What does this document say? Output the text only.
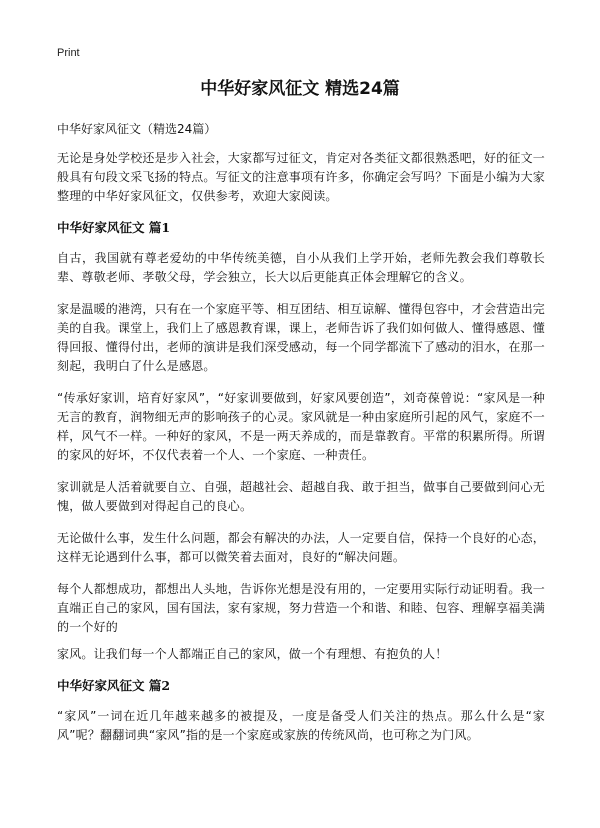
Print
中华好家风征文 精选24篇
中华好家风征文（精选24篇）

无论是身处学校还是步入社会，大家都写过征文，肯定对各类征文都很熟悉吧，好的征文一般具有句段文采飞扬的特点。写征文的注意事项有许多，你确定会写吗？下面是小编为大家整理的中华好家风征文，仅供参考，欢迎大家阅读。

中华好家风征文 篇1

自古，我国就有尊老爱幼的中华传统美德，自小从我们上学开始，老师先教会我们尊敬长辈、尊敬老师、孝敬父母，学会独立，长大以后更能真正体会理解它的含义。

家是温暖的港湾，只有在一个家庭平等、相互团结、相互谅解、懂得包容中，才会营造出完美的自我。课堂上，我们上了感恩教育课，课上，老师告诉了我们如何做人、懂得感恩、懂得回报、懂得付出，老师的演讲是我们深受感动，每一个同学都流下了感动的泪水，在那一刻起，我明白了什么是感恩。

“传承好家训，培育好家风”，“好家训要做到，好家风要创造”，刘奇葆曾说：“家风是一种无言的教育，润物细无声的影响孩子的心灵。家风就是一种由家庭所引起的风气，家庭不一样，风气不一样。一种好的家风，不是一两天养成的，而是靠教育。平常的积累所得。所谓的家风的好坏，不仅代表着一个人、一个家庭、一种责任。

家训就是人活着就要自立、自强，超越社会、超越自我、敢于担当，做事自己要做到问心无愧，做人要做到对得起自己的良心。

无论做什么事，发生什么问题，都会有解决的办法，人一定要自信，保持一个良好的心态，这样无论遇到什么事，都可以微笑着去面对，良好的“解决问题。

每个人都想成功，都想出人头地，告诉你光想是没有用的，一定要用实际行动证明看。我一直端正自己的家风，国有国法，家有家规，努力营造一个和谐、和睦、包容、理解享福美满的一个好的

家风。让我们每一个人都端正自己的家风，做一个有理想、有抱负的人！

中华好家风征文 篇2

“家风”一词在近几年越来越多的被提及，一度是备受人们关注的热点。那么什么是“家风”呢？翻翻词典“家风”指的是一个家庭或家族的传统风尚，也可称之为门风。
